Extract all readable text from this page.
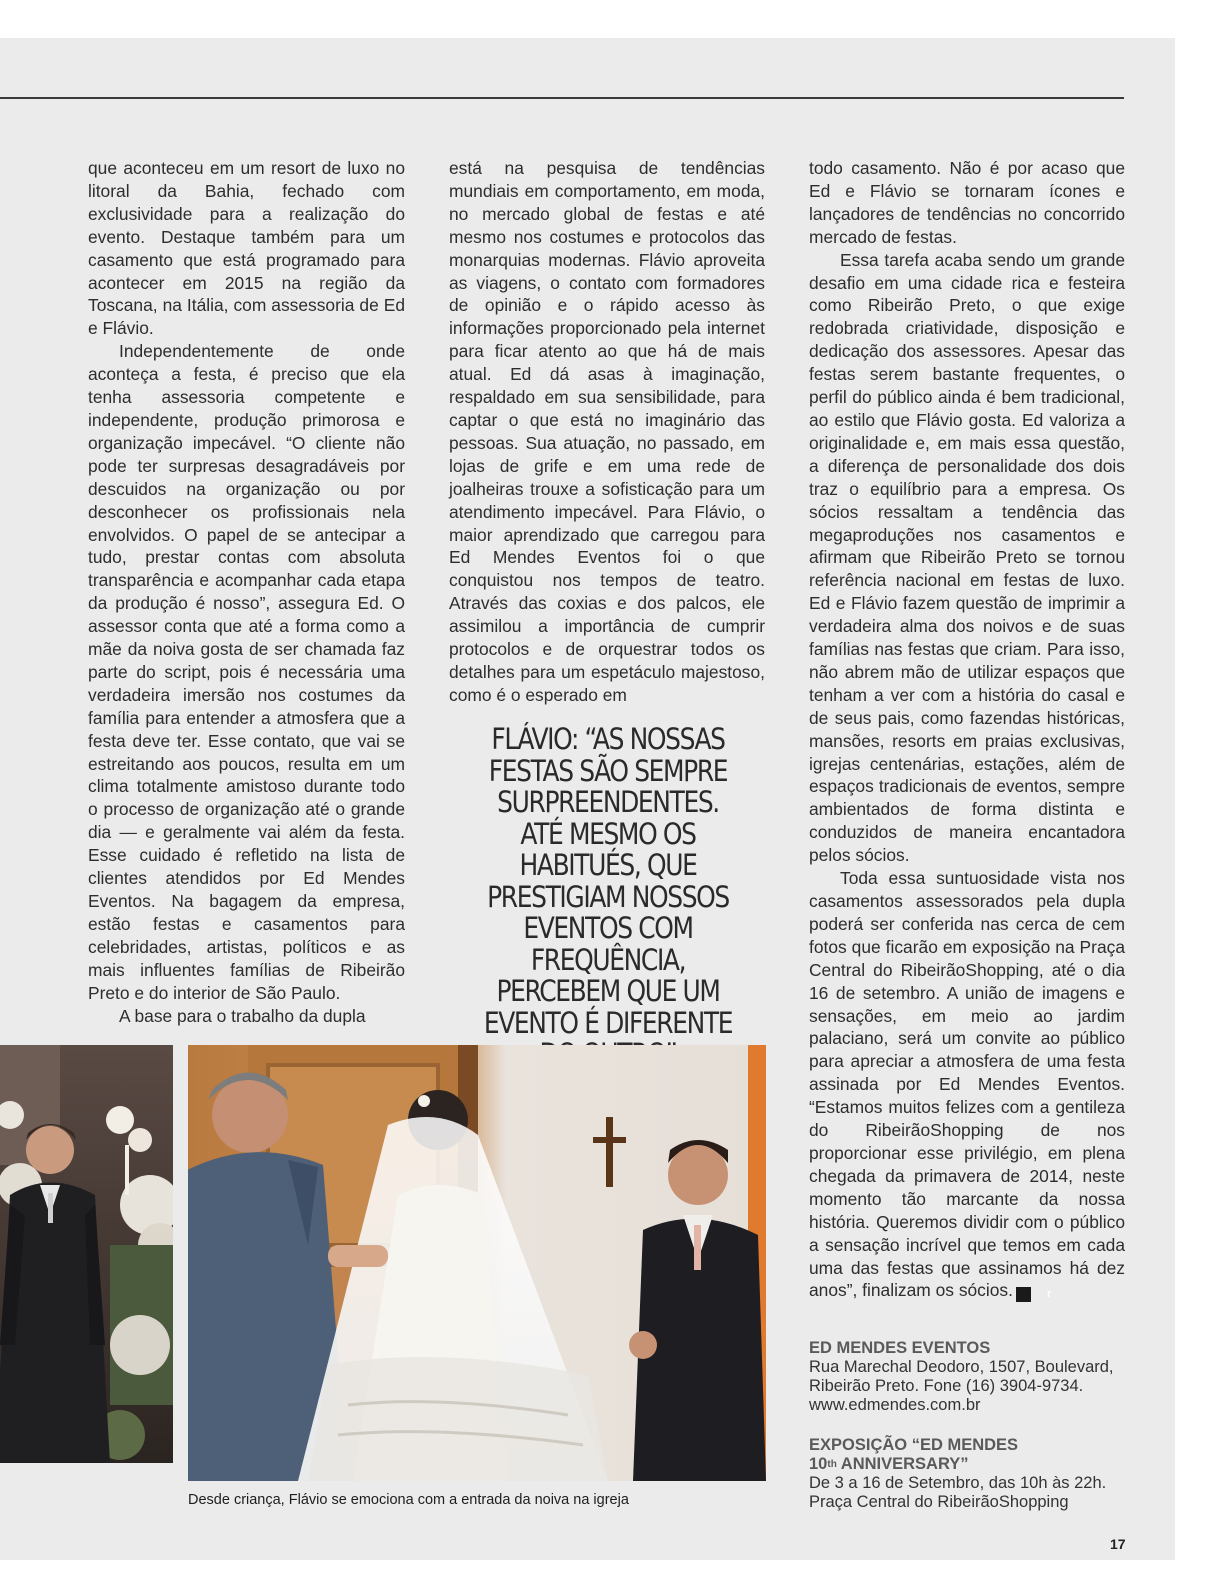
que aconteceu em um resort de luxo no litoral da Bahia, fechado com exclusividade para a realização do evento. Destaque também para um casamento que está programado para acontecer em 2015 na região da Toscana, na Itália, com assessoria de Ed e Flávio.

Independentemente de onde aconteça a festa, é preciso que ela tenha assessoria competente e independente, produção primorosa e organização impecável. “O cliente não pode ter surpresas desagradáveis por descuidos na organização ou por desconhecer os profissionais nela envolvidos. O papel de se antecipar a tudo, prestar contas com absoluta transparência e acompanhar cada etapa da produção é nosso”, assegura Ed. O assessor conta que até a forma como a mãe da noiva gosta de ser chamada faz parte do script, pois é necessária uma verdadeira imersão nos costumes da família para entender a atmosfera que a festa deve ter. Esse contato, que vai se estreitando aos poucos, resulta em um clima totalmente amistoso durante todo o processo de organização até o grande dia — e geralmente vai além da festa. Esse cuidado é refletido na lista de clientes atendidos por Ed Mendes Eventos. Na bagagem da empresa, estão festas e casamentos para celebridades, artistas, políticos e as mais influentes famílias de Ribeirão Preto e do interior de São Paulo.

A base para o trabalho da dupla

está na pesquisa de tendências mundiais em comportamento, em moda, no mercado global de festas e até mesmo nos costumes e protocolos das monarquias modernas. Flávio aproveita as viagens, o contato com formadores de opinião e o rápido acesso às informações proporcionado pela internet para ficar atento ao que há de mais atual. Ed dá asas à imaginação, respaldado em sua sensibilidade, para captar o que está no imaginário das pessoas. Sua atuação, no passado, em lojas de grife e em uma rede de joalheiras trouxe a sofisticação para um atendimento impecável. Para Flávio, o maior aprendizado que carregou para Ed Mendes Eventos foi o que conquistou nos tempos de teatro. Através das coxias e dos palcos, ele assimilou a importância de cumprir protocolos e de orquestrar todos os detalhes para um espetáculo majestoso, como é o esperado em

FLÁVIO: “AS NOSSAS FESTAS SÃO SEMPRE SURPREENDENTES. ATÉ MESMO OS HABITUÉS, QUE PRESTIGIAM NOSSOS EVENTOS COM FREQUÊNCIA, PERCEBEM QUE UM EVENTO É DIFERENTE

todo casamento. Não é por acaso que Ed e Flávio se tornaram ícones e lançadores de tendências no concorrido mercado de festas.

Essa tarefa acaba sendo um grande desafio em uma cidade rica e festeira como Ribeirão Preto, o que exige redobrada criatividade, disposição e dedicação dos assessores. Apesar das festas serem bastante frequentes, o perfil do público ainda é bem tradicional, ao estilo que Flávio gosta. Ed valoriza a originalidade e, em mais essa questão, a diferença de personalidade dos dois traz o equilíbrio para a empresa. Os sócios ressaltam a tendência das megaproduções nos casamentos e afirmam que Ribeirão Preto se tornou referência nacional em festas de luxo. Ed e Flávio fazem questão de imprimir a verdadeira alma dos noivos e de suas famílias nas festas que criam. Para isso, não abrem mão de utilizar espaços que tenham a ver com a história do casal e de seus pais, como fazendas históricas, mansões, resorts em praias exclusivas, igrejas centenárias, estações, além de espaços tradicionais de eventos, sempre ambientados de forma distinta e conduzidos de maneira encantadora pelos sócios.

Toda essa suntuosidade vista nos casamentos assessorados pela dupla poderá ser conferida nas cerca de cem fotos que ficarão em exposição na Praça Central do RibeirãoShopping, até o dia 16 de setembro. A união de imagens e sensações, em meio ao jardim palaciano, será um convite ao público para apreciar a atmosfera de uma festa assinada por Ed Mendes Eventos. “Estamos muitos felizes com a gentileza do RibeirãoShopping de nos proporcionar esse privilégio, em plena chegada da primavera de 2014, neste momento tão marcante da nossa história. Queremos dividir com o público a sensação incrível que temos em cada uma das festas que assinamos há dez anos”, finalizam os sócios.	r

Desde criança, Flávio se emociona com a entrada da noiva na igreja
ED MENDES EVENTOS
Rua Marechal Deodoro, 1507, Boulevard,
Ribeirão Preto. Fone (16) 3904-9734.
www.edmendes.com.br
EXPOSIÇÃO “ED MENDES
10th ANNIVERSARY”
De 3 a 16 de Setembro, das 10h às 22h.
Praça Central do RibeirãoShopping
17
